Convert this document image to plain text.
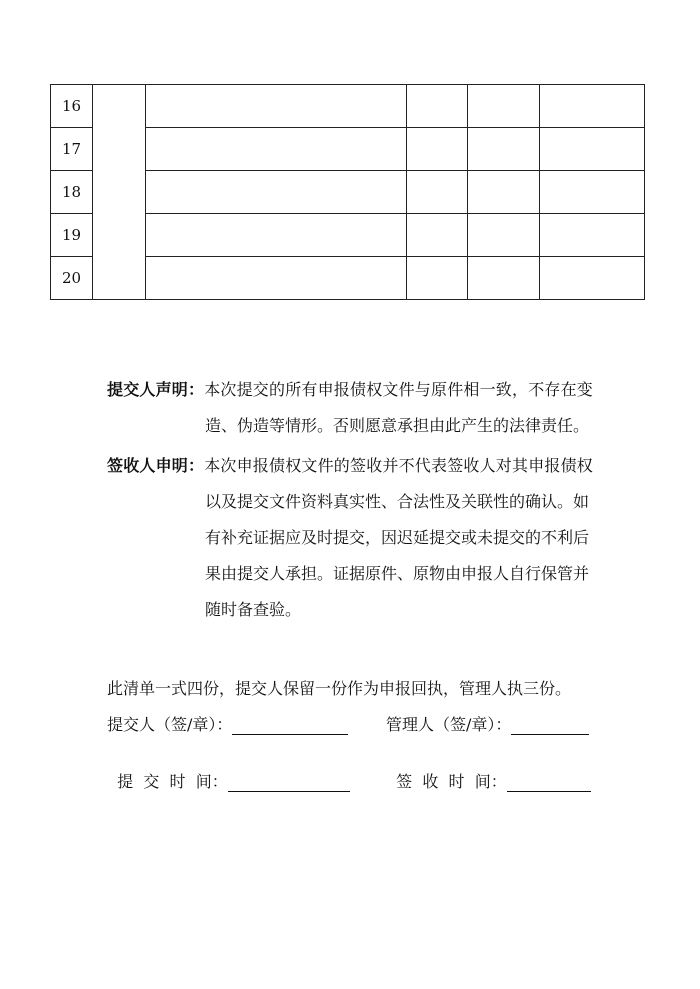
16					
17					
18					
19					
20					
提交人声明：本次提交的所有申报债权文件与原件相一致，不存在变
造、伪造等情形。否则愿意承担由此产生的法律责任。
签收人申明：本次申报债权文件的签收并不代表签收人对其申报债权
以及提交文件资料真实性、合法性及关联性的确认。如
有补充证据应及时提交，因迟延提交或未提交的不利后
果由提交人承担。证据原件、原物由申报人自行保管并
随时备查验。
此清单一式四份，提交人保留一份作为申报回执，管理人执三份。
提交人（签/章）：	管理人（签/章）：

提  交  时  间：	签  收  时  间：
